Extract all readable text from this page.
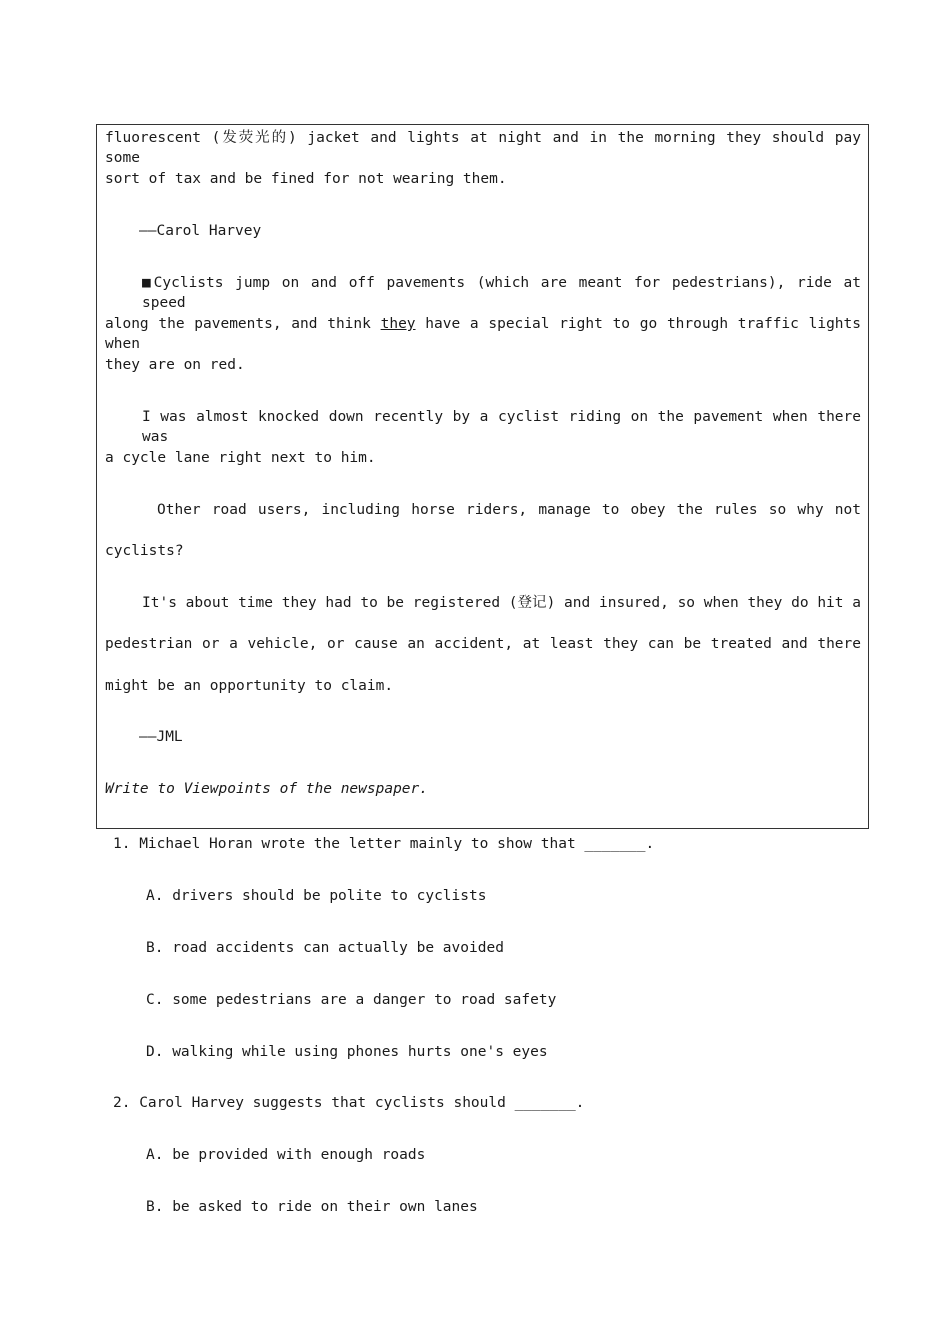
fluorescent (发荧光的) jacket and lights at night and in the morning they should pay some
sort of tax and be fined for not wearing them.
——Carol Harvey
■Cyclists jump on and off pavements (which are meant for pedestrians), ride at speed
along the pavements, and think they have a special right to go through traffic lights when
they are on red.
I was almost knocked down recently by a cyclist riding on the pavement when there was
a cycle lane right next to him.
Other road users, including horse riders, manage to obey the rules so why not
cyclists?
It's about time they had to be registered (登记) and insured, so when they do hit a
pedestrian or a vehicle, or cause an accident, at least they can be treated and there
might be an opportunity to claim.
——JML
Write to Viewpoints of the newspaper.
1. Michael Horan wrote the letter mainly to show that _______.
A. drivers should be polite to cyclists
B. road accidents can actually be avoided
C. some pedestrians are a danger to road safety
D. walking while using phones hurts one's eyes
2. Carol Harvey suggests that cyclists should _______.
A. be provided with enough roads
B. be asked to ride on their own lanes
